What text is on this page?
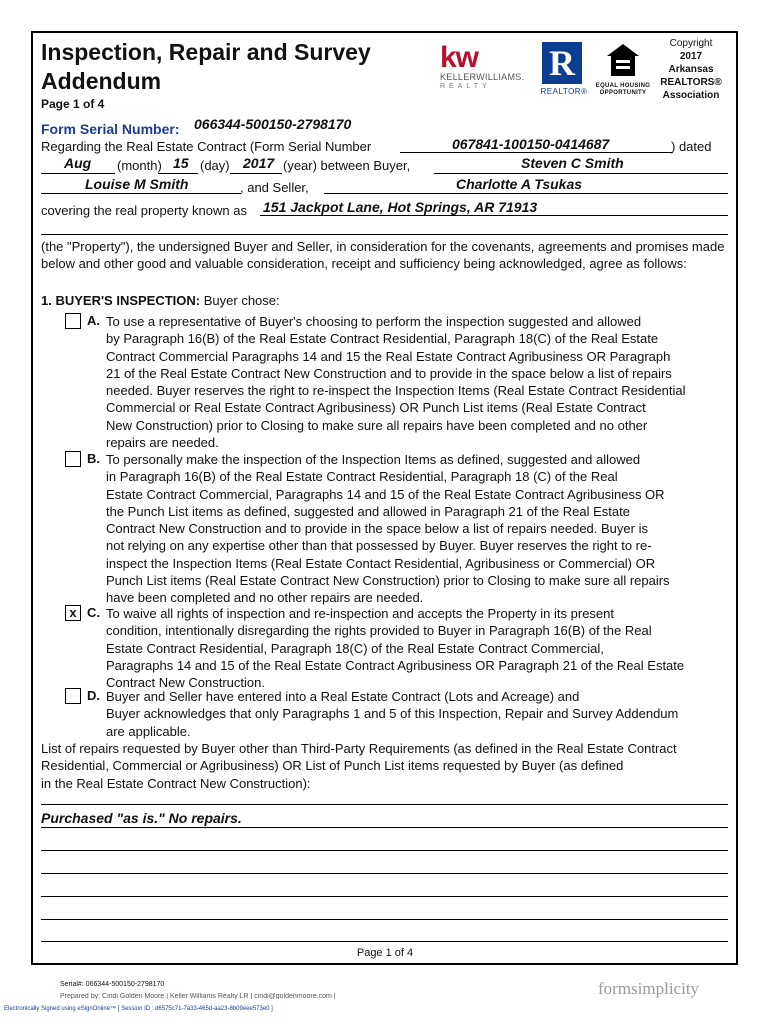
Inspection, Repair and Survey Addendum
Page 1 of 4
kw
KELLERWILLIAMS.
REALTY
R
REALTOR®
EQUAL HOUSING
OPPORTUNITY
Copyright
2017
Arkansas
REALTORS®
Association
Form Serial Number: 066344-500150-2798170
Regarding the Real Estate Contract (Form Serial Number	067841-100150-0414687	) dated
Aug (month) 15 (day) 2017 (year) between Buyer,	Steven C Smith
Louise M Smith	, and Seller,	Charlotte A Tsukas
covering the real property known as 151 Jackpot Lane, Hot Springs, AR 71913
(the "Property"), the undersigned Buyer and Seller, in consideration for the covenants, agreements and promises made below and other good and valuable consideration, receipt and sufficiency being acknowledged, agree as follows:
1. BUYER'S INSPECTION: Buyer chose:
A. To use a representative of Buyer's choosing to perform the inspection suggested and allowed
by Paragraph 16(B) of the Real Estate Contract Residential, Paragraph 18(C) of the Real Estate
Contract Commercial Paragraphs 14 and 15 the Real Estate Contract Agribusiness OR Paragraph
21 of the Real Estate Contract New Construction and to provide in the space below a list of repairs
needed. Buyer reserves the right to re-inspect the Inspection Items (Real Estate Contract Residential
Commercial or Real Estate Contract Agribusiness) OR Punch List items (Real Estate Contract
New Construction) prior to Closing to make sure all repairs have been completed and no other
repairs are needed.
B. To personally make the inspection of the Inspection Items as defined, suggested and allowed
in Paragraph 16(B) of the Real Estate Contract Residential, Paragraph 18 (C) of the Real
Estate Contract Commercial, Paragraphs 14 and 15 of the Real Estate Contract Agribusiness OR
the Punch List items as defined, suggested and allowed in Paragraph 21 of the Real Estate
Contract New Construction and to provide in the space below a list of repairs needed. Buyer is
not relying on any expertise other than that possessed by Buyer. Buyer reserves the right to re-
inspect the Inspection Items (Real Estate Contact Residential, Agribusiness or Commercial) OR
Punch List items (Real Estate Contract New Construction) prior to Closing to make sure all repairs
have been completed and no other repairs are needed.
x C. To waive all rights of inspection and re-inspection and accepts the Property in its present
condition, intentionally disregarding the rights provided to Buyer in Paragraph 16(B) of the Real
Estate Contract Residential, Paragraph 18(C) of the Real Estate Contract Commercial,
Paragraphs 14 and 15 of the Real Estate Contract Agribusiness OR Paragraph 21 of the Real Estate
Contract New Construction.
D. Buyer and Seller have entered into a Real Estate Contract (Lots and Acreage) and
Buyer acknowledges that only Paragraphs 1 and 5 of this Inspection, Repair and Survey Addendum
are applicable.
List of repairs requested by Buyer other than Third-Party Requirements (as defined in the Real Estate Contract
Residential, Commercial or Agribusiness) OR List of Punch List items requested by Buyer (as defined
in the Real Estate Contract New Construction):
Purchased "as is." No repairs.
Page 1 of 4
Serial#: 066344-500150-2798170
Prepared by: Cindi Golden Moore | Keller Williams Realty LR | cindi@goldenmoore.com |	formsimplicity
Electronically Signed using eSignOnline™ [ Session ID : d6575c71-7a33-465d-aa23-8b09eee573e0 ]
